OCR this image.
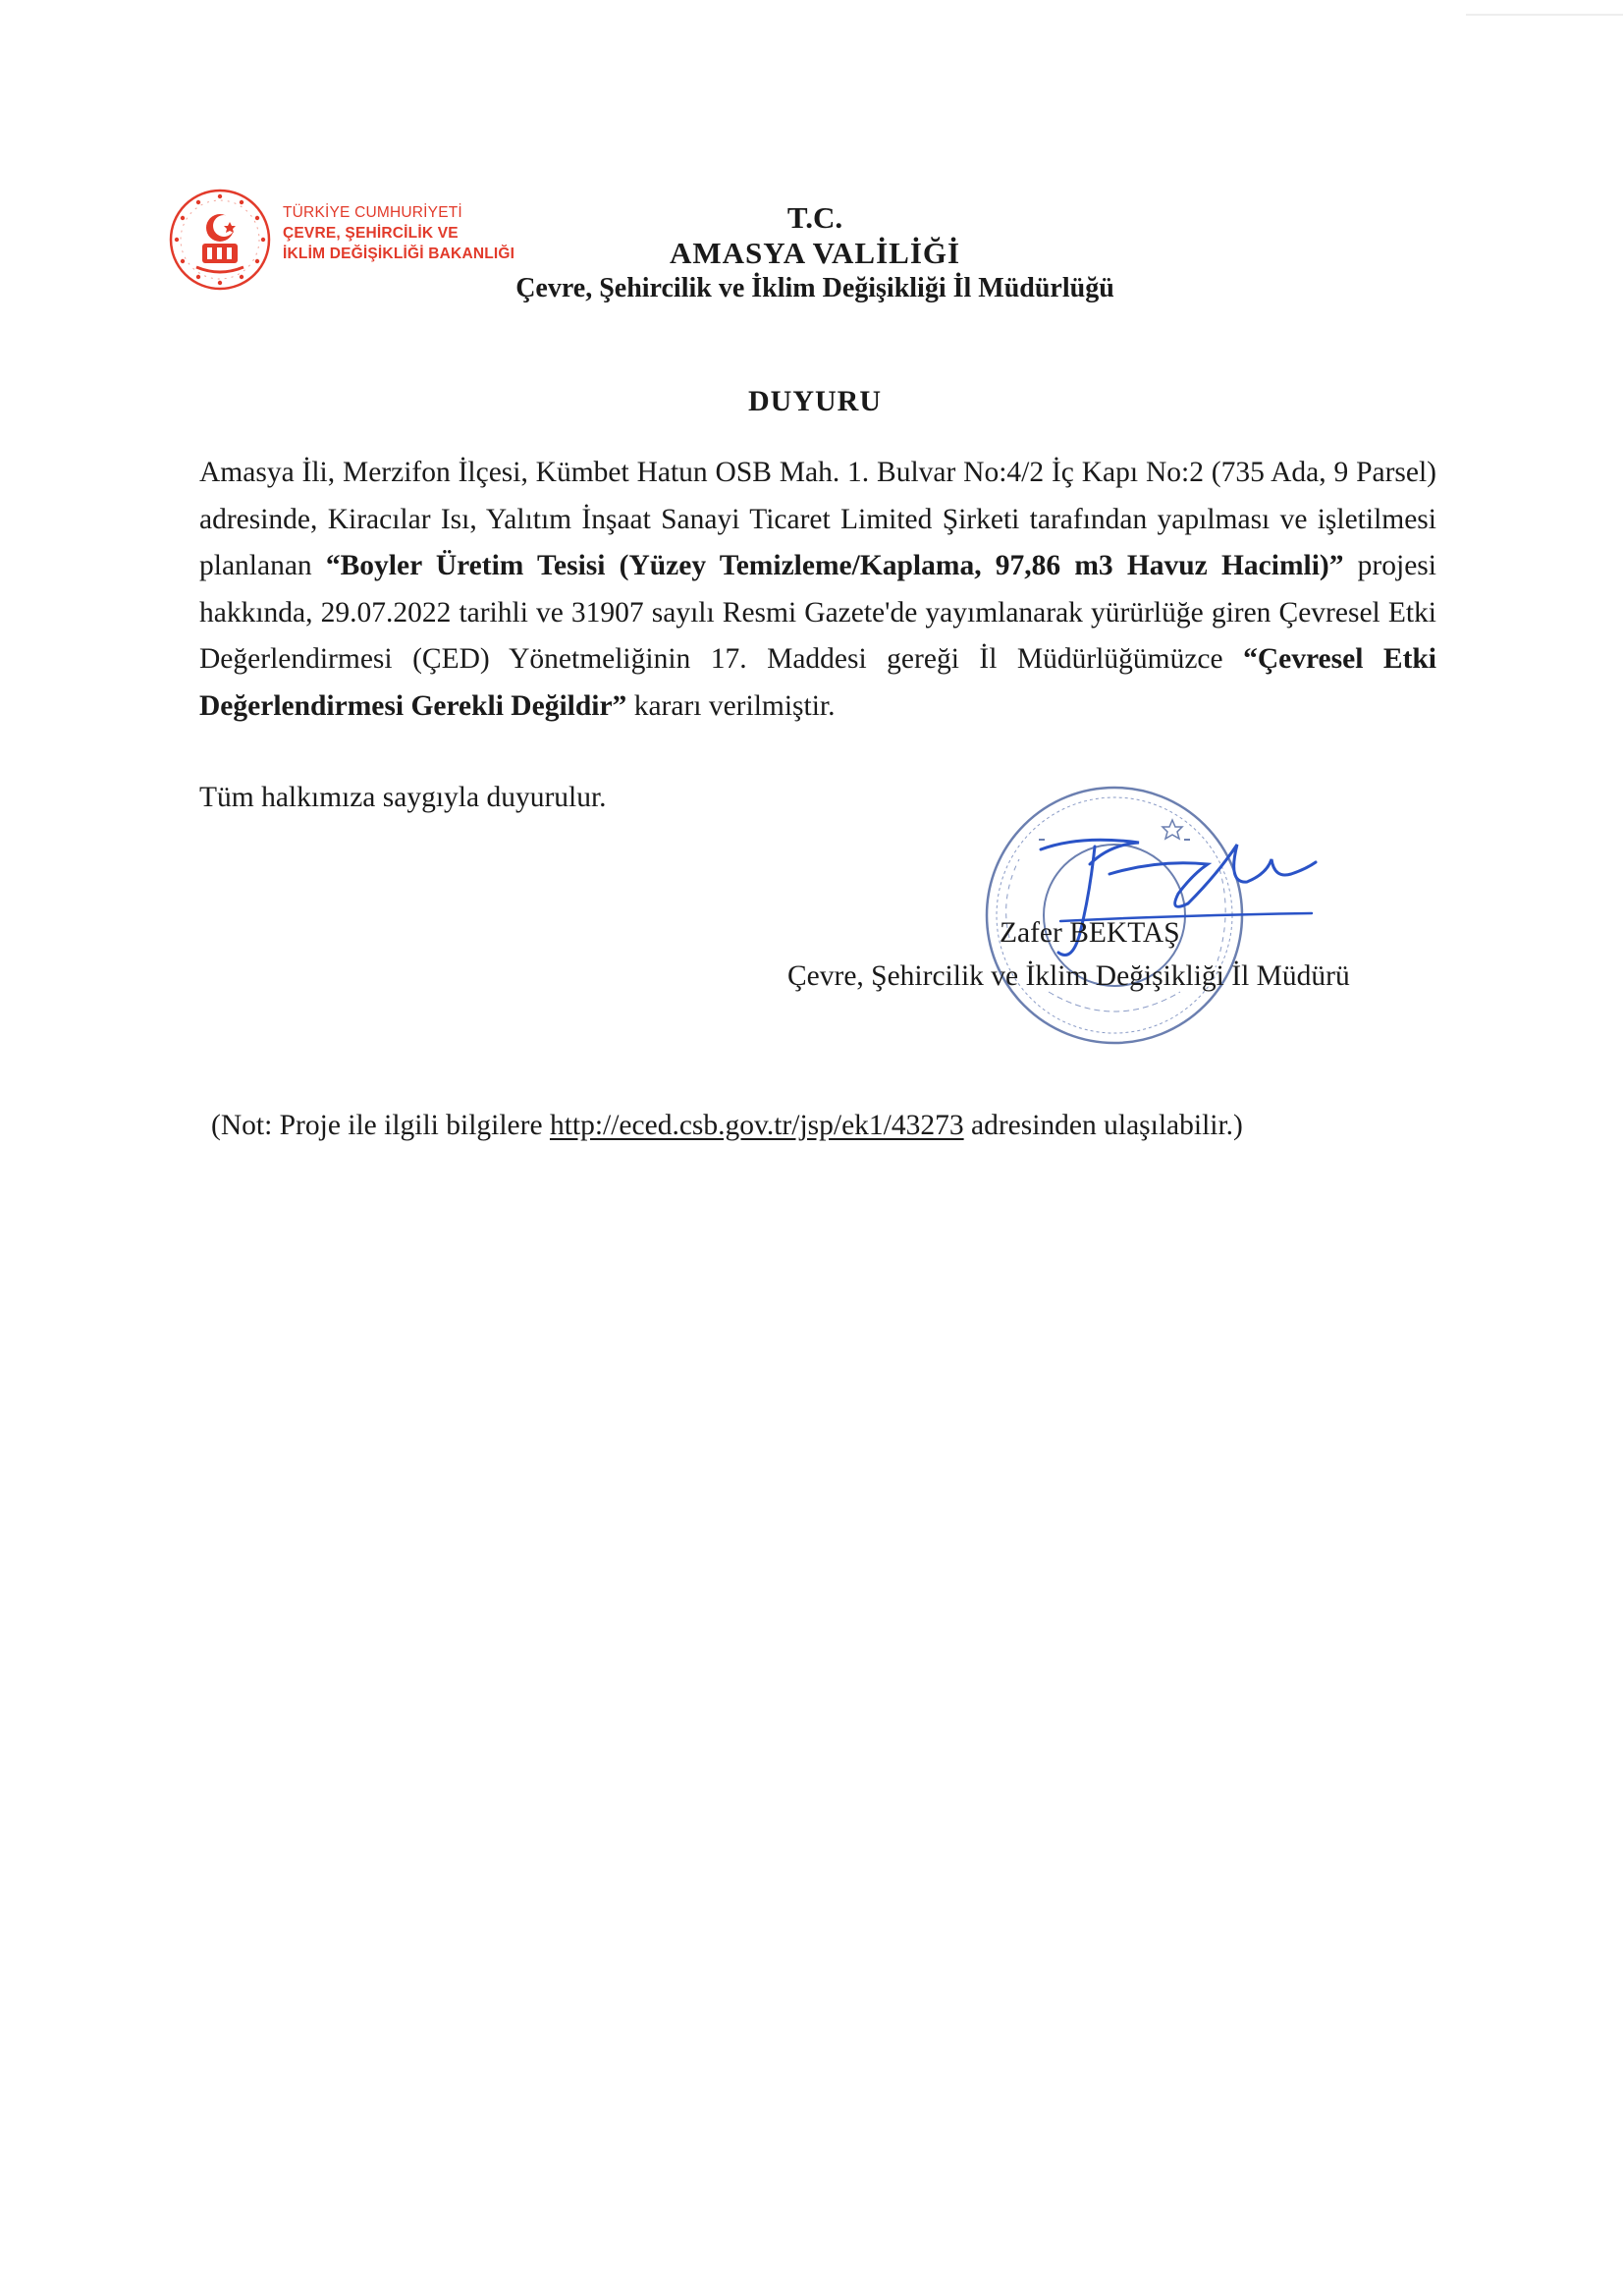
TÜRKİYE CUMHURİYETİ
ÇEVRE, ŞEHİRCİLİK VE
İKLİM DEĞİŞİKLİĞİ BAKANLIĞI
T.C.
AMASYA VALİLİĞİ
Çevre, Şehircilik ve İklim Değişikliği İl Müdürlüğü
DUYURU
Amasya İli, Merzifon İlçesi, Kümbet Hatun OSB Mah. 1. Bulvar No:4/2 İç Kapı No:2 (735 Ada, 9 Parsel) adresinde, Kiracılar Isı, Yalıtım İnşaat Sanayi Ticaret Limited Şirketi tarafından yapılması ve işletilmesi planlanan “Boyler Üretim Tesisi (Yüzey Temizleme/Kaplama, 97,86 m3 Havuz Hacimli)” projesi hakkında, 29.07.2022 tarihli ve 31907 sayılı Resmi Gazete'de yayımlanarak yürürlüğe giren Çevresel Etki Değerlendirmesi (ÇED) Yönetmeliğinin 17. Maddesi gereği İl Müdürlüğümüzce “Çevresel Etki Değerlendirmesi Gerekli Değildir” kararı verilmiştir.
Tüm halkımıza saygıyla duyurulur.
Zafer BEKTAŞ
Çevre, Şehircilik ve İklim Değişikliği İl Müdürü
(Not: Proje ile ilgili bilgilere http://eced.csb.gov.tr/jsp/ek1/43273 adresinden ulaşılabilir.)
